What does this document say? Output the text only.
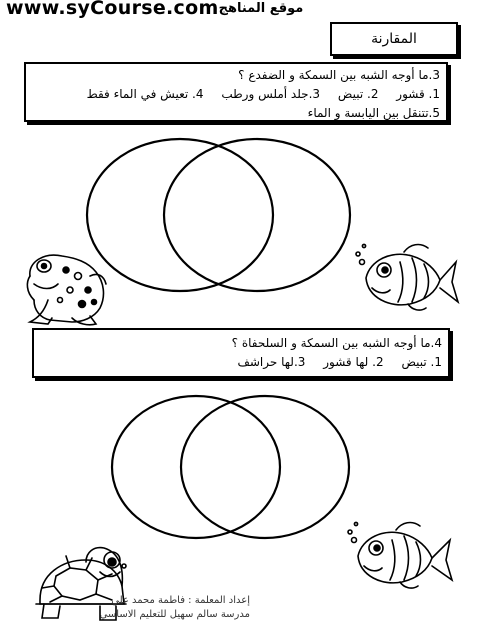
www.syCourse.com موقع المناهج
المقارنة
3.ما أوجه الشبه بين السمكة و الضفدع ؟
1. قشور 2. تبيض 3.جلد أملس ورطب 4. تعيش في الماء فقط
5.تتنقل بين اليابسة و الماء
4.ما أوجه الشبه بين السمكة و السلحفاة ؟
1. تبيض 2. لها قشور 3.لها حراشف
إعداد المعلمة : فاطمة محمد علي
مدرسة سالم سهيل للتعليم الاساسي
